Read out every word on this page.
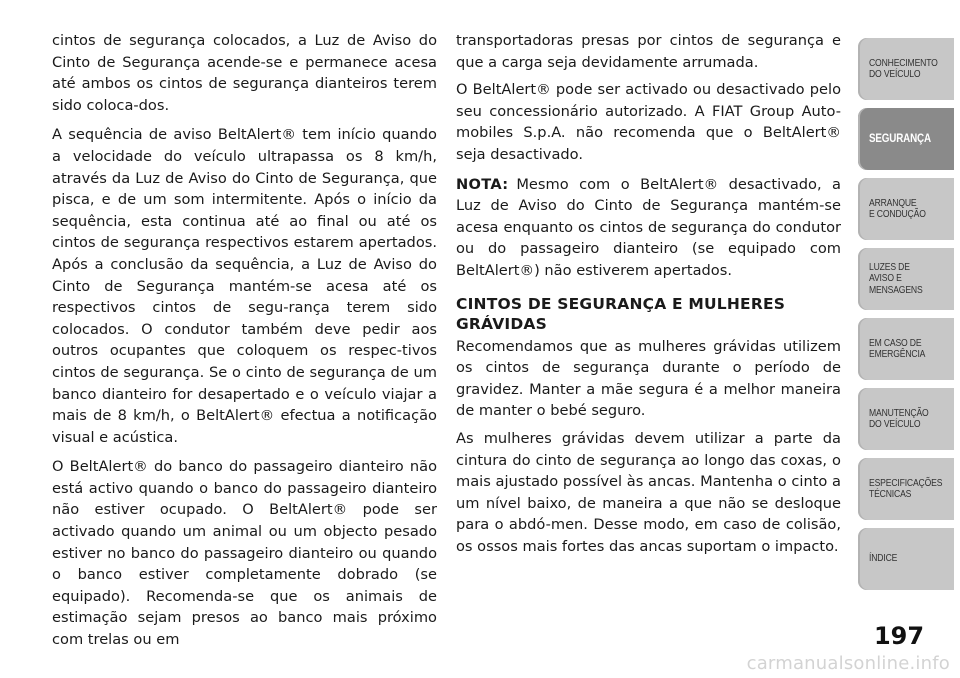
cintos de segurança colocados, a Luz de Aviso do Cinto de Segurança acende-se e permanece acesa até ambos os cintos de segurança dianteiros terem sido coloca-dos.

A sequência de aviso BeltAlert® tem início quando a velocidade do veículo ultrapassa os 8 km/h, através da Luz de Aviso do Cinto de Segurança, que pisca, e de um som intermitente. Após o início da sequência, esta continua até ao final ou até os cintos de segurança respectivos estarem apertados. Após a conclusão da sequência, a Luz de Aviso do Cinto de Segurança mantém-se acesa até os respectivos cintos de segu-rança terem sido colocados. O condutor também deve pedir aos outros ocupantes que coloquem os respec-tivos cintos de segurança. Se o cinto de segurança de um banco dianteiro for desapertado e o veículo viajar a mais de 8 km/h, o BeltAlert® efectua a notificação visual e acústica.

O BeltAlert® do banco do passageiro dianteiro não está activo quando o banco do passageiro dianteiro não estiver ocupado. O BeltAlert® pode ser activado quando um animal ou um objecto pesado estiver no banco do passageiro dianteiro ou quando o banco estiver completamente dobrado (se equipado). Recomenda-se que os animais de estimação sejam presos ao banco mais próximo com trelas ou em

transportadoras presas por cintos de segurança e que a carga seja devidamente arrumada.

O BeltAlert® pode ser activado ou desactivado pelo seu concessionário autorizado. A FIAT Group Auto-mobiles S.p.A. não recomenda que o BeltAlert® seja desactivado.

NOTA: Mesmo com o BeltAlert® desactivado, a Luz de Aviso do Cinto de Segurança mantém-se acesa enquanto os cintos de segurança do condutor ou do passageiro dianteiro (se equipado com BeltAlert®) não estiverem apertados.

CINTOS DE SEGURANÇA E MULHERES GRÁVIDAS

Recomendamos que as mulheres grávidas utilizem os cintos de segurança durante o período de gravidez. Manter a mãe segura é a melhor maneira de manter o bebé seguro.

As mulheres grávidas devem utilizar a parte da cintura do cinto de segurança ao longo das coxas, o mais ajustado possível às ancas. Mantenha o cinto a um nível baixo, de maneira a que não se desloque para o abdó-men. Desse modo, em caso de colisão, os ossos mais fortes das ancas suportam o impacto.

CONHECIMENTO
DO VEÍCULO
SEGURANÇA
ARRANQUE
E CONDUÇÃO
LUZES DE
AVISO E
MENSAGENS
EM CASO DE
EMERGÊNCIA
MANUTENÇÃO
DO VEÍCULO
ESPECIFICAÇÕES
TÉCNICAS
ÍNDICE
197
carmanualsonline.info
